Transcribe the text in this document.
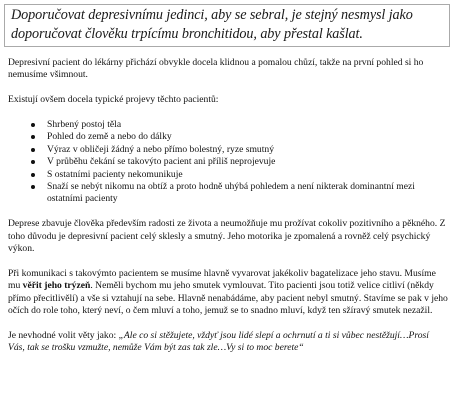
Doporučovat depresivnímu jedinci, aby se sebral, je stejný nesmysl jako doporučovat člověku trpícímu bronchitidou, aby přestal kašlat.

Depresivní pacient do lékárny přichází obvykle docela klidnou a pomalou chůzí, takže na první pohled si ho nemusíme všimnout.

Existují ovšem docela typické projevy těchto pacientů:

Shrbený postoj těla
Pohled do země a nebo do dálky
Výraz v obličeji žádný a nebo přímo bolestný, ryze smutný
V průběhu čekání se takovýto pacient ani příliš neprojevuje
S ostatními pacienty nekomunikuje
Snaží se nebýt nikomu na obtíž a proto hodně uhýbá pohledem a není nikterak dominantní mezi ostatními pacienty

Deprese zbavuje člověka především radosti ze života a neumožňuje mu prožívat cokoliv pozitivního a pěkného. Z toho důvodu je depresivní pacient celý sklesly a smutný. Jeho motorika je zpomalená a rovněž celý psychický výkon.

Při komunikaci s takovýmto pacientem se musíme hlavně vyvarovat jakékoliv bagatelizace jeho stavu. Musíme mu věřit jeho trýzeň. Neměli bychom mu jeho smutek vymlouvat. Tito pacienti jsou totiž velice citliví (někdy přímo přecitlivělí) a vše si vztahují na sebe. Hlavně nenabádáme, aby pacient nebyl smutný. Stavíme se pak v jeho očích do role toho, který neví, o čem mluví a toho, jemuž se to snadno mluví, když ten sžíravý smutek nezažil.

Je nevhodné volit věty jako: „Ale co si stěžujete, vždyť jsou lidé slepí a ochrnutí a ti si vůbec nestěžují…Prosí Vás, tak se trošku vzmužte, nemůže Vám být zas tak zle…Vy si to moc berete“
